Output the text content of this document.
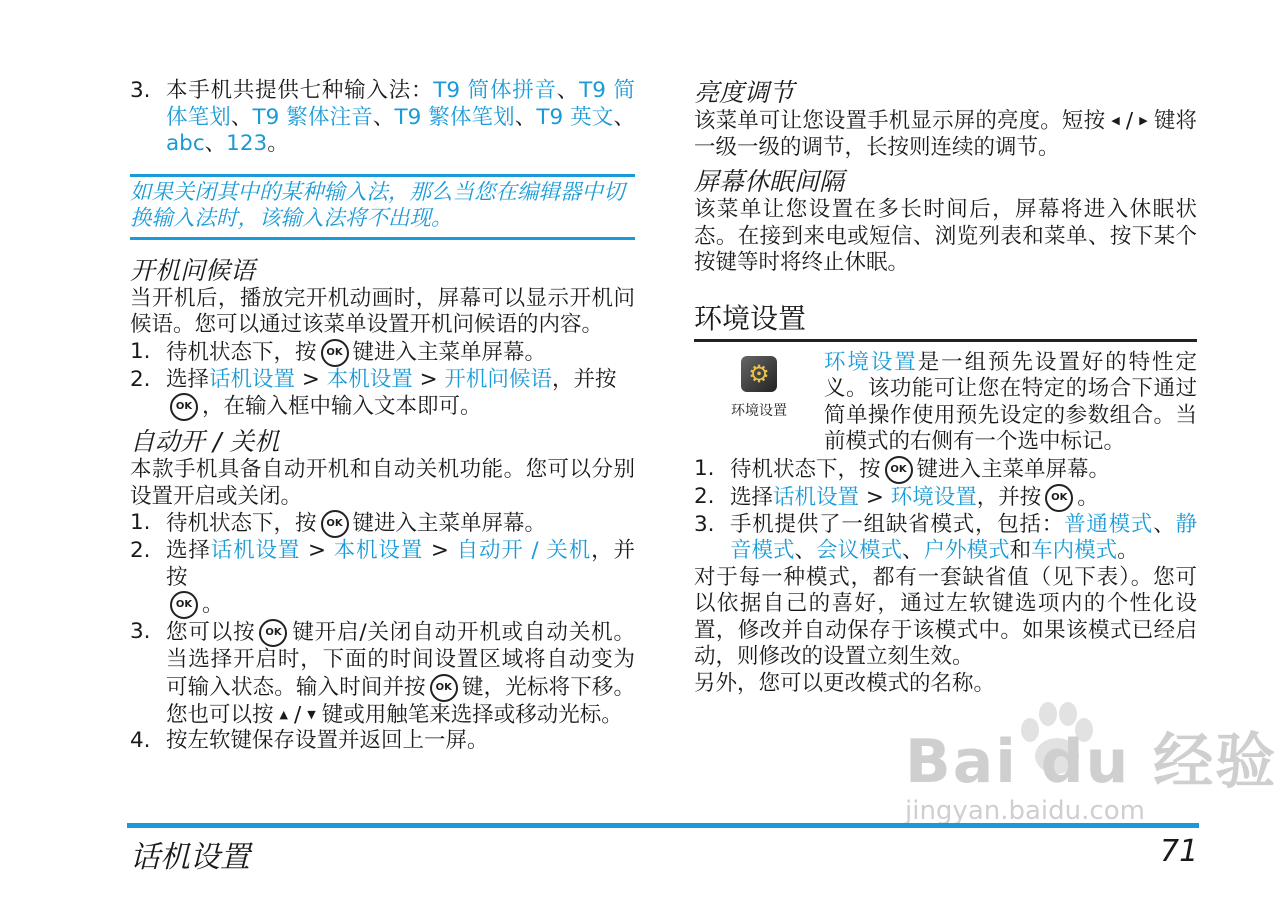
3. 本手机共提供七种输入法：T9 简体拼音、T9 简体笔划、T9 繁体注音、T9 繁体笔划、T9 英文、abc、123。
如果关闭其中的某种输入法，那么当您在编辑器中切换输入法时，该输入法将不出现。
开机问候语

当开机后，播放完开机动画时，屏幕可以显示开机问候语。您可以通过该菜单设置开机问候语的内容。

1. 待机状态下，按 OK 键进入主菜单屏幕。
2. 选择话机设置 > 本机设置 > 开机问候语，并按
OK ，在输入框中输入文本即可。
自动开 / 关机

本款手机具备自动开机和自动关机功能。您可以分别设置开启或关闭。

1. 待机状态下，按 OK 键进入主菜单屏幕。
2. 选择话机设置 > 本机设置 > 自动开 / 关机，并按
OK 。
3. 您可以按 OK 键开启/关闭自动开机或自动关机。当选择开启时，下面的时间设置区域将自动变为可输入状态。输入时间并按 OK 键，光标将下移。您也可以按 ▲ / ▼ 键或用触笔来选择或移动光标。
4. 按左软键保存设置并返回上一屏。
亮度调节

该菜单可让您设置手机显示屏的亮度。短按 ◀ / ▶ 键将一级一级的调节，长按则连续的调节。

屏幕休眠间隔

该菜单让您设置在多长时间后，屏幕将进入休眠状态。在接到来电或短信、浏览列表和菜单、按下某个按键等时将终止休眠。

环境设置
⚙
环境设置

环境设置是一组预先设置好的特性定义。该功能可让您在特定的场合下通过简单操作使用预先设定的参数组合。当前模式的右侧有一个选中标记。

1. 待机状态下，按 OK 键进入主菜单屏幕。
2. 选择话机设置 > 环境设置，并按 OK 。
3. 手机提供了一组缺省模式，包括：普通模式、静音模式、会议模式、户外模式和车内模式。

对于每一种模式，都有一套缺省值（见下表）。您可以依据自己的喜好，通过左软键选项内的个性化设置，修改并自动保存于该模式中。如果该模式已经启动，则修改的设置立刻生效。

另外，您可以更改模式的名称。

Bai du 经验
jingyan.baidu.com
话机设置	71
